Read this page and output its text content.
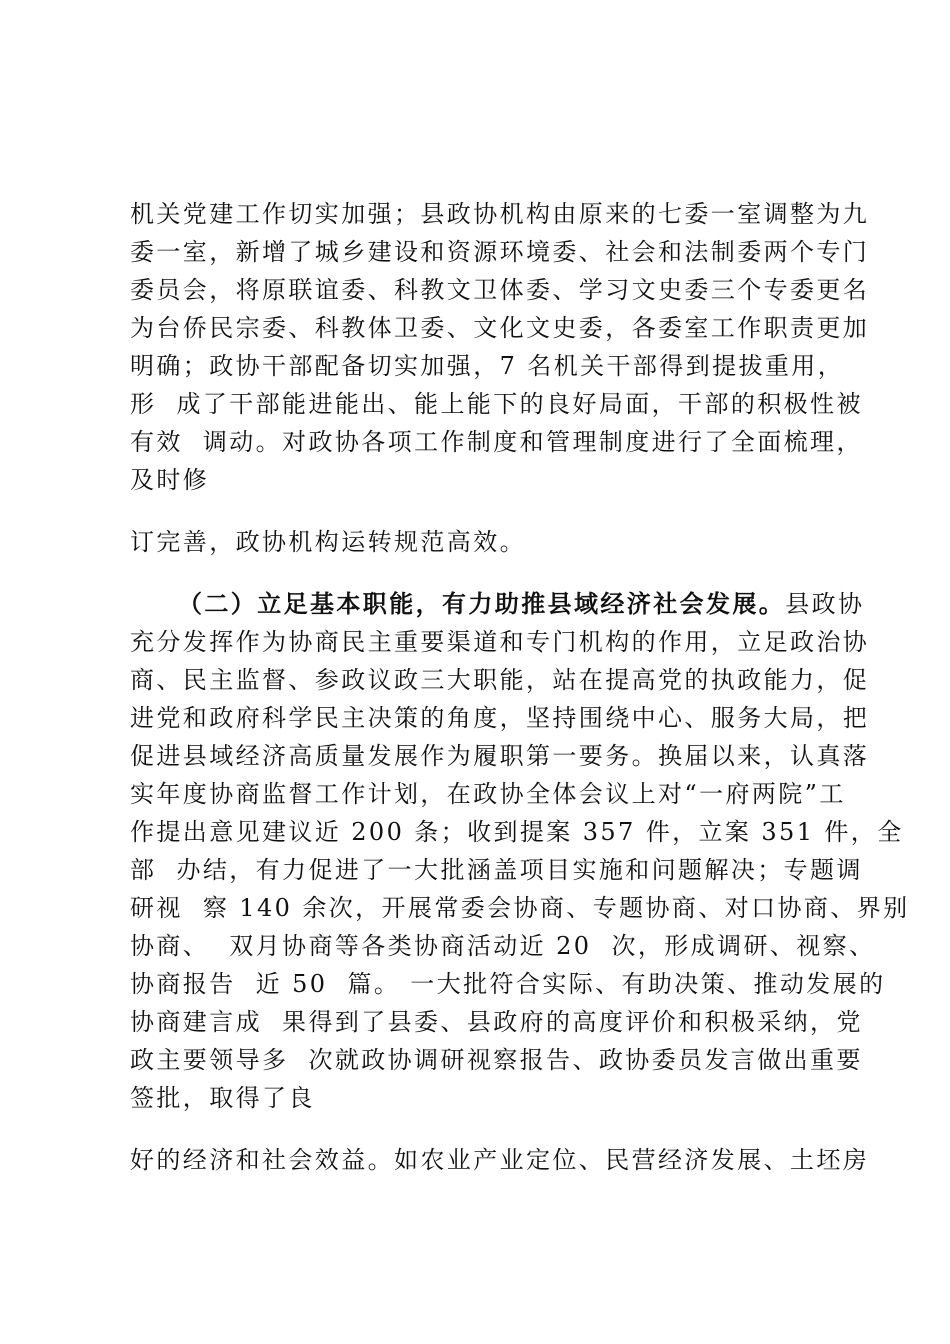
机关党建工作切实加强；县政协机构由原来的七委一室调整为九
委一室，新增了城乡建设和资源环境委、社会和法制委两个专门
委员会，将原联谊委、科教文卫体委、学习文史委三个专委更名
为台侨民宗委、科教体卫委、文化文史委，各委室工作职责更加
明确；政协干部配备切实加强，7 名机关干部得到提拔重用，
形  成了干部能进能出、能上能下的良好局面，干部的积极性被
有效  调动。对政协各项工作制度和管理制度进行了全面梳理，
及时修
订完善，政协机构运转规范高效。
（二）立足基本职能，有力助推县域经济社会发展。县政协
充分发挥作为协商民主重要渠道和专门机构的作用，立足政治协
商、民主监督、参政议政三大职能，站在提高党的执政能力，促
进党和政府科学民主决策的角度，坚持围绕中心、服务大局，把
促进县域经济高质量发展作为履职第一要务。换届以来，认真落
实年度协商监督工作计划，在政协全体会议上对“一府两院”工
作提出意见建议近 200 条；收到提案 357 件，立案 351 件，全
部  办结，有力促进了一大批涵盖项目实施和问题解决；专题调
研视  察 140 余次，开展常委会协商、专题协商、对口协商、界别
协商、  双月协商等各类协商活动近 20  次，形成调研、视察、
协商报告  近 50  篇。 一大批符合实际、有助决策、推动发展的
协商建言成  果得到了县委、县政府的高度评价和积极采纳，党
政主要领导多  次就政协调研视察报告、政协委员发言做出重要
签批，取得了良
好的经济和社会效益。如农业产业定位、民营经济发展、土坯房
